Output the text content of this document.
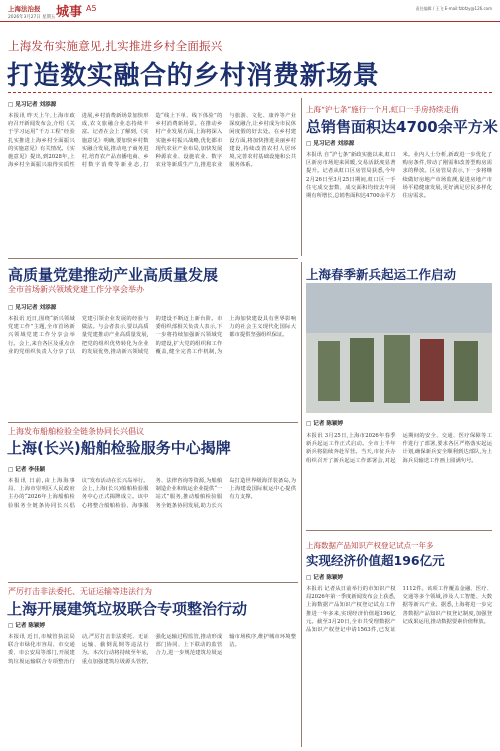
上海法治报
2026年3月27日 星期五 城事 A5	责任编辑 / 王飞 E-mail:fzbfzy@126.com
上海发布实施意见,扎实推进乡村全面振兴
打造数实融合的乡村消费新场景
□ 见习记者 刘添源
本报讯 昨天上午,上海市政府召开新闻发布会,介绍《关于学习运用“千万工程”经验扎实推进上海乡村全面振兴的实施意见》有关情况。《实施意见》提出,到2028年,上海乡村全面振兴取得实质性进展,乡村消费新场景加快形成,农文旅融合业态持续丰富。记者在会上了解到,《实施意见》明确,要加快乡村数实融合发展,推动电子商务进村,培育农产品直播电商、乡村数字消费等新业态,打造“线上下单、线下体验”的乡村消费新场景。在推动乡村产业发展方面,上海将深入实施乡村振兴战略,优化都市现代农业产业布局,加快发展种源农业、设施农业、数字农业等新质生产力,推进农业与旅游、文化、康养等产业深度融合,让乡村成为市民休闲度假的好去处。在乡村建设方面,将加快推进美丽乡村建设,持续改善农村人居环境,完善农村基础设施和公共服务体系。
上海“沪七条”施行一个月,虹口一手房持续走俏
总销售面积达4700余平方米
□ 见习记者 刘添源
本报讯 自“沪七条”新政实施以来,虹口区新房市场迎来回暖,交易活跃度显著提升。记者从虹口区房管局获悉,今年2月26日至3月25日期间,虹口区一手住宅成交套数、成交面积均较去年同期有所增长,总销售面积达4700余平方米。业内人士分析,新政进一步优化了购房条件,带动了刚需和改善型购房需求的释放。区房管局表示,下一步将继续做好房地产市场监测,促进房地产市场平稳健康发展,更好满足居民多样化住房需求。
上海春季新兵起运工作启动
□ 记者 陈颖婷
本报讯 3月25日,上海市2026年春季新兵起运工作正式启动。全市上半年新兵将陆续奔赴军营。当天,市征兵办组织召开了新兵起运工作部署会,对起运期间的安全、交通、医疗保障等工作进行了部署,要求各区严格落实起运计划,确保新兵安全顺利到达部队,为上海兵员输送工作画上圆满句号。
高质量党建推动产业高质量发展
全市首场新兴领域党建工作分享会举办
□ 见习记者 刘添源
本报讯 近日,围绕“新兴领域党建工作”主题,全市首场新兴领域党建工作分享会举行。会上,来自各区及重点企业的党组织负责人分享了以党建引领企业发展的经验与做法。与会者表示,要以高质量党建推动产业高质量发展,把党的组织优势转化为企业的发展优势,推动新兴领域党的建设不断迈上新台阶。市委组织部相关负责人表示,下一步将持续加强新兴领域党的建设,扩大党的组织和工作覆盖,健全完善工作机制,为上海加快建设具有世界影响力的社会主义现代化国际大都市提供坚强组织保证。
上海发布船舶检验全链条协同长兴倡议
上海(长兴)船舶检验服务中心揭牌
□ 记者 李佳颖
本报讯 日前,由上海海事局、上海市崇明区人民政府主办的“2026年上海船舶检验服务全链条协同长兴倡议”发布活动在长兴岛举行。会上,上海(长兴)船舶检验服务中心正式揭牌成立。该中心将整合船舶检验、海事服务、法律咨询等资源,为船舶制造企业和航运企业提供“一站式”服务,推动船舶检验服务全链条协同发展,助力长兴岛打造世界级海洋装备岛,为上海建设国际航运中心提供有力支撑。
严厉打击非法委托、无证运输等违法行为
上海开展建筑垃圾联合专项整治行动
□ 记者 陈颖婷
本报讯 近日,市城管执法局联合市绿化市容局、市交通委、市公安局等部门,开展建筑垃圾运输联合专项整治行动,严厉打击非法委托、无证运输、偷倒乱倒等违法行为。本次行动将持续至年底,重点加强建筑垃圾源头管控,强化运输过程监管,推动形成部门协同、上下联动的监管合力,进一步规范建筑垃圾运输市场秩序,维护城市环境整洁。
上海数据产品知识产权登记试点一年多
实现经济价值超196亿元
□ 记者 陈颖婷
本报讯 记者从日前举行的市知识产权局2026年第一季度新闻发布会上获悉,上海数据产品知识产权登记试点工作推进一年多来,实现经济价值超196亿元。截至3月20日,全市共受理数据产品知识产权登记申请1563件,已发证1112件。该项工作覆盖金融、医疗、交通等多个领域,涉及人工智能、大数据等新兴产业。据悉,上海将进一步完善数据产品知识产权登记制度,加强登记成果运用,推动数据要素价值释放。
